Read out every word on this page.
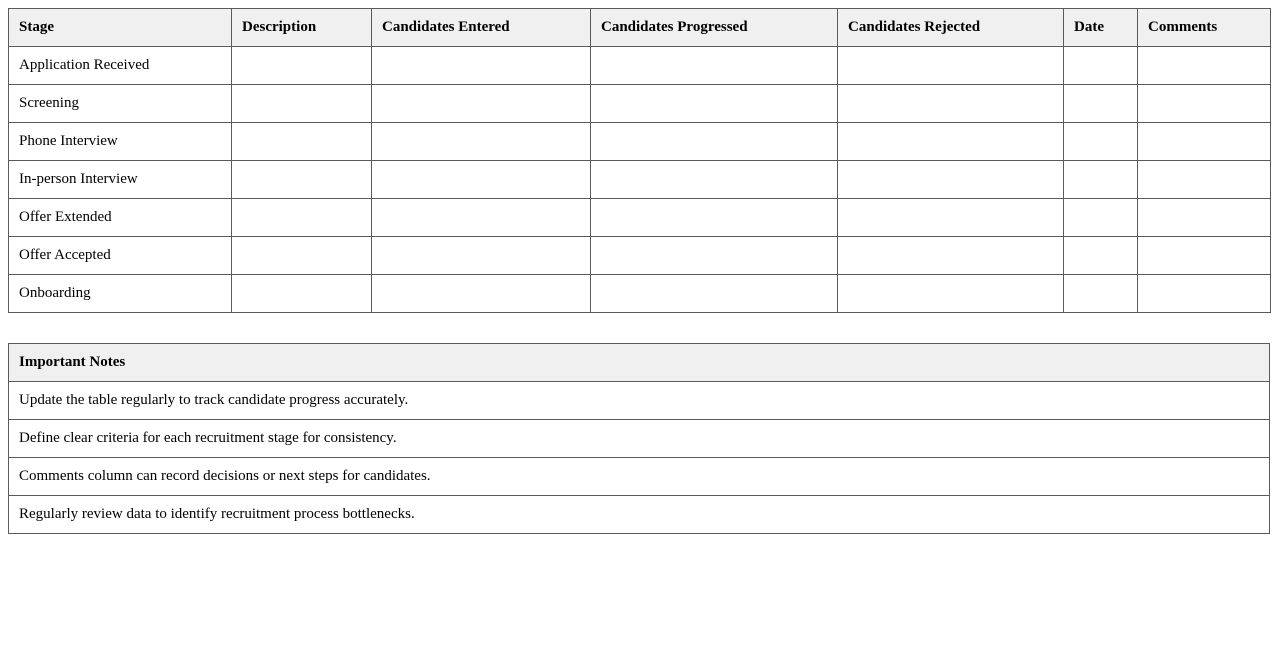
Stage	Description	Candidates Entered	Candidates Progressed	Candidates Rejected	Date	Comments
Application Received						
Screening						
Phone Interview						
In-person Interview						
Offer Extended						
Offer Accepted						
Onboarding						
Important Notes
Update the table regularly to track candidate progress accurately.
Define clear criteria for each recruitment stage for consistency.
Comments column can record decisions or next steps for candidates.
Regularly review data to identify recruitment process bottlenecks.
